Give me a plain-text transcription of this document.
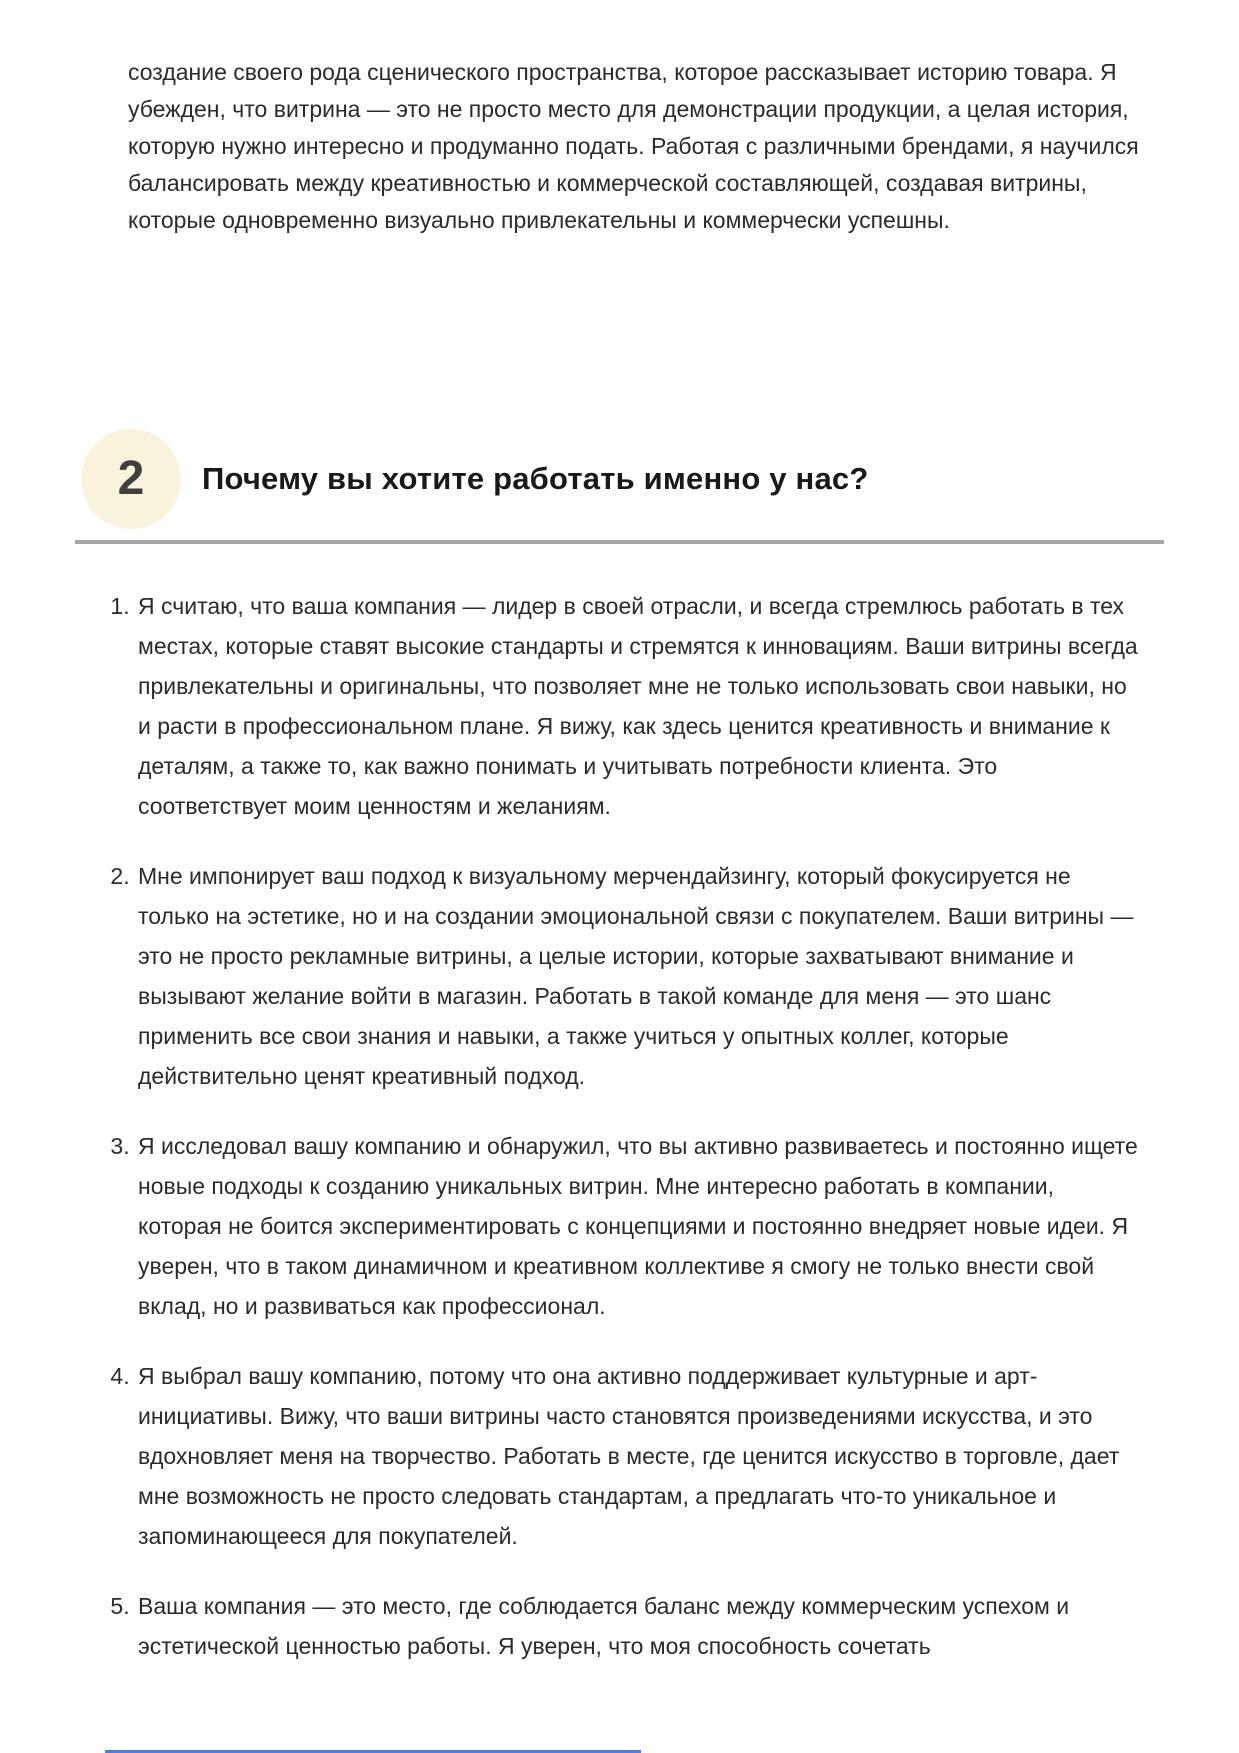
создание своего рода сценического пространства, которое рассказывает историю товара. Я убежден, что витрина — это не просто место для демонстрации продукции, а целая история, которую нужно интересно и продуманно подать. Работая с различными брендами, я научился балансировать между креативностью и коммерческой составляющей, создавая витрины, которые одновременно визуально привлекательны и коммерчески успешны.

2 Почему вы хотите работать именно у нас?
1. Я считаю, что ваша компания — лидер в своей отрасли, и всегда стремлюсь работать в тех местах, которые ставят высокие стандарты и стремятся к инновациям. Ваши витрины всегда привлекательны и оригинальны, что позволяет мне не только использовать свои навыки, но и расти в профессиональном плане. Я вижу, как здесь ценится креативность и внимание к деталям, а также то, как важно понимать и учитывать потребности клиента. Это соответствует моим ценностям и желаниям.
2. Мне импонирует ваш подход к визуальному мерчендайзингу, который фокусируется не только на эстетике, но и на создании эмоциональной связи с покупателем. Ваши витрины — это не просто рекламные витрины, а целые истории, которые захватывают внимание и вызывают желание войти в магазин. Работать в такой команде для меня — это шанс применить все свои знания и навыки, а также учиться у опытных коллег, которые действительно ценят креативный подход.
3. Я исследовал вашу компанию и обнаружил, что вы активно развиваетесь и постоянно ищете новые подходы к созданию уникальных витрин. Мне интересно работать в компании, которая не боится экспериментировать с концепциями и постоянно внедряет новые идеи. Я уверен, что в таком динамичном и креативном коллективе я смогу не только внести свой вклад, но и развиваться как профессионал.
4. Я выбрал вашу компанию, потому что она активно поддерживает культурные и арт-инициативы. Вижу, что ваши витрины часто становятся произведениями искусства, и это вдохновляет меня на творчество. Работать в месте, где ценится искусство в торговле, дает мне возможность не просто следовать стандартам, а предлагать что-то уникальное и запоминающееся для покупателей.
5. Ваша компания — это место, где соблюдается баланс между коммерческим успехом и эстетической ценностью работы. Я уверен, что моя способность сочетать
